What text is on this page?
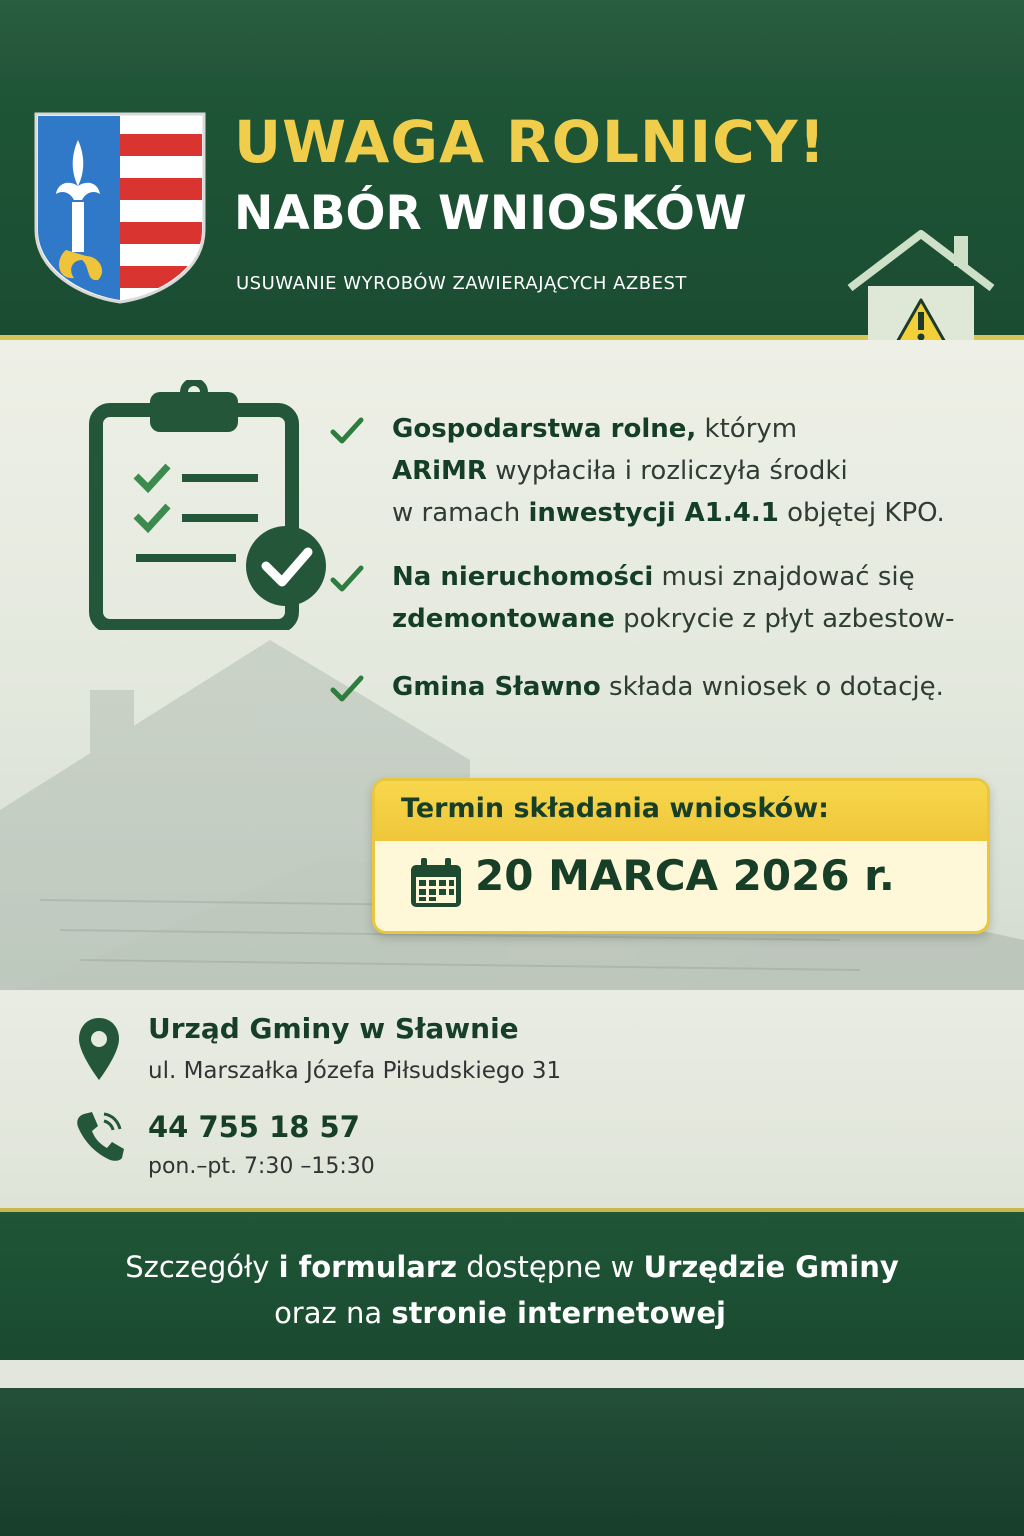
UWAGA ROLNICY!
NABÓR WNIOSKÓW
USUWANIE WYROBÓW ZAWIERAJĄCYCH AZBEST
Gospodarstwa rolne, którym
ARiMR wypłaciła i rozliczyła środki
w ramach inwestycji A1.4.1 objętej KPO.
Na nieruchomości musi znajdować się
zdemontowane pokrycie z płyt azbestow-
Gmina Sławno składa wniosek o dotację.
Termin składania wniosków:
20 MARCA 2026 r.
Urząd Gminy w Sławnie
ul. Marszałka Józefa Piłsudskiego 31
44 755 18 57
pon.–pt. 7:30 –15:30
Szczegóły i formularz dostępne w Urzędzie Gminy
oraz na stronie internetowej
